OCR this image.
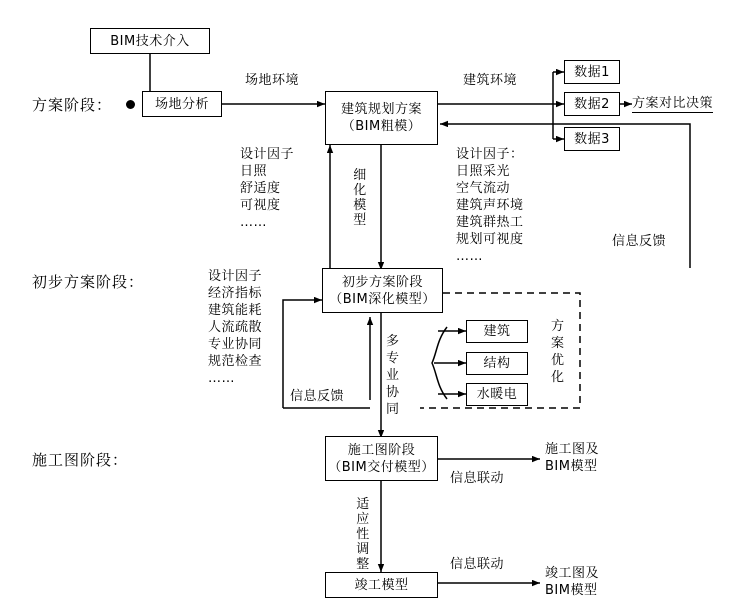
方案阶段：
初步方案阶段：
施工图阶段：
BIM技术介入
场地分析	建筑规划方案
（BIM粗模）
数据1
数据2
数据3
方案对比决策
初步方案阶段
（BIM深化模型）
建筑
结构
水暖电
施工图阶段
（BIM交付模型）
竣工模型
场地环境	建筑环境
设计因子
日照
舒适度
可视度
……
设计因子：
日照采光
空气流动
建筑声环境
建筑群热工
规划可视度
……
细
化
模
型
信息反馈
设计因子
经济指标
建筑能耗
人流疏散
专业协同
规范检查
……
多
专
业
协
同
方
案
优
化
信息反馈
施工图及
BIM模型
信息联动
适
应
性
调
整	信息联动
竣工图及
BIM模型
